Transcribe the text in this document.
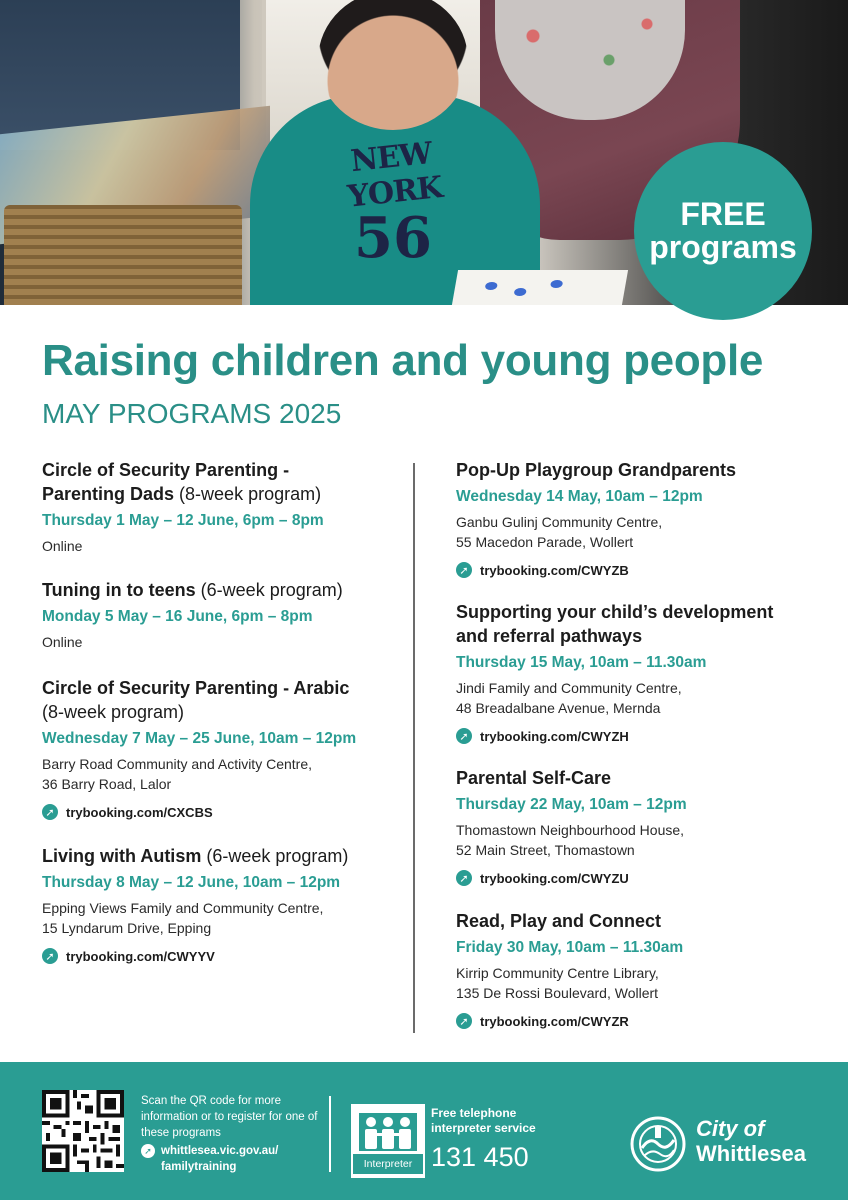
NEW YORK
56	FREE
programs
Raising children and young people
MAY PROGRAMS 2025
Circle of Security Parenting -
Parenting Dads (8-week program)
Thursday 1 May – 12 June, 6pm – 8pm
Online
Tuning in to teens (6-week program)
Monday 5 May – 16 June, 6pm – 8pm
Online
Circle of Security Parenting - Arabic
(8-week program)
Wednesday 7 May – 25 June, 10am – 12pm
Barry Road Community and Activity Centre,
36 Barry Road, Lalor
➚ trybooking.com/CXCBS
Living with Autism (6-week program)
Thursday 8 May – 12 June, 10am – 12pm
Epping Views Family and Community Centre,
15 Lyndarum Drive, Epping
➚ trybooking.com/CWYYV
Pop-Up Playgroup Grandparents
Wednesday 14 May, 10am – 12pm
Ganbu Gulinj Community Centre,
55 Macedon Parade, Wollert
➚ trybooking.com/CWYZB
Supporting your child’s development
and referral pathways
Thursday 15 May, 10am – 11.30am
Jindi Family and Community Centre,
48 Breadalbane Avenue, Mernda
➚ trybooking.com/CWYZH
Parental Self-Care
Thursday 22 May, 10am – 12pm
Thomastown Neighbourhood House,
52 Main Street, Thomastown
➚ trybooking.com/CWYZU
Read, Play and Connect
Friday 30 May, 10am – 11.30am
Kirrip Community Centre Library,
135 De Rossi Boulevard, Wollert
➚ trybooking.com/CWYZR
Scan the QR code for more information or to register for one of these programs
➚ whittlesea.vic.gov.au/
familytraining	Interpreter
Free telephone interpreter service
131 450
City of
Whittlesea
